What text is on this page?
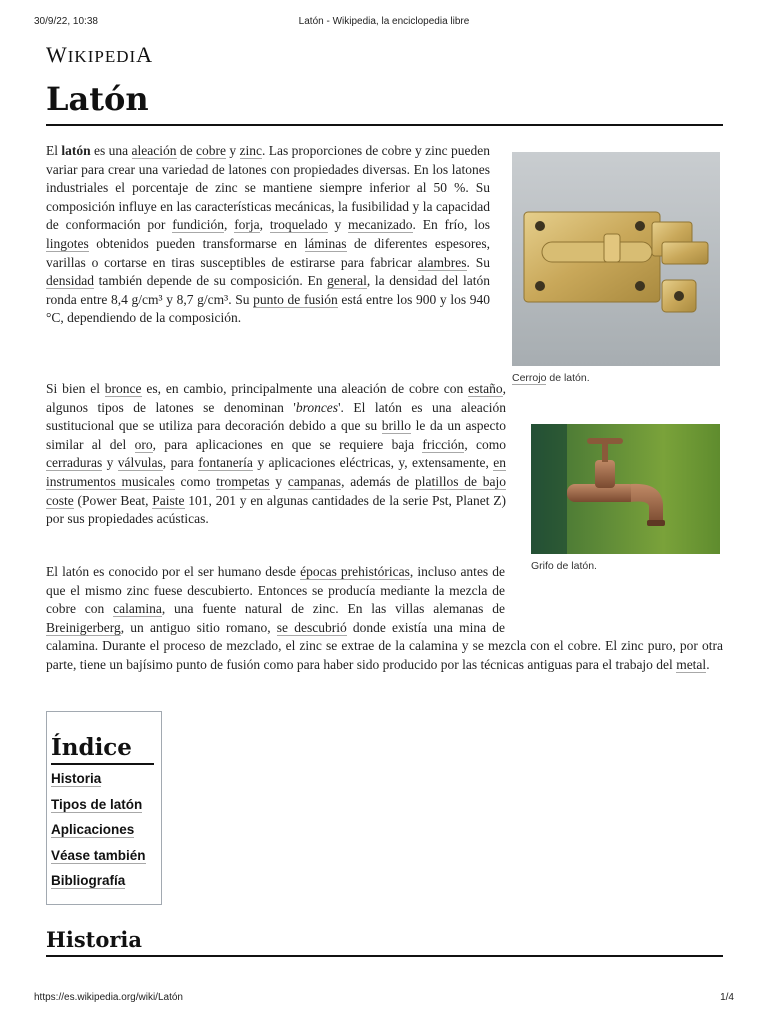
30/9/22, 10:38	Latón - Wikipedia, la enciclopedia libre
WIKIPEDIA
Latón

El latón es una aleación de cobre y zinc. Las proporciones de cobre y zinc pueden variar para crear una variedad de latones con propiedades diversas. En los latones industriales el porcentaje de zinc se mantiene siempre inferior al 50 %. Su composición influye en las características mecánicas, la fusibilidad y la capacidad de conformación por fundición, forja, troquelado y mecanizado. En frío, los lingotes obtenidos pueden transformarse en láminas de diferentes espesores, varillas o cortarse en tiras susceptibles de estirarse para fabricar alambres. Su densidad también depende de su composición. En general, la densidad del latón ronda entre 8,4 g/cm³ y 8,7 g/cm³. Su punto de fusión está entre los 900 y los 940 °C, dependiendo de la composición.

Cerrojo de latón.

Si bien el bronce es, en cambio, principalmente una aleación de cobre con estaño, algunos tipos de latones se denominan 'bronces'. El latón es una aleación sustitucional que se utiliza para decoración debido a que su brillo le da un aspecto similar al del oro, para aplicaciones en que se requiere baja fricción, como cerraduras y válvulas, para fontanería y aplicaciones eléctricas, y, extensamente, en instrumentos musicales como trompetas y campanas, además de platillos de bajo coste (Power Beat, Paiste 101, 201 y en algunas cantidades de la serie Pst, Planet Z) por sus propiedades acústicas.

Grifo de latón.
El latón es conocido por el ser humano desde épocas prehistóricas, incluso antes de que el mismo zinc fuese descubierto. Entonces se producía mediante la mezcla de cobre con calamina, una fuente natural de zinc. En las villas alemanas de Breinigerberg, un antiguo sitio romano, se descubrió donde existía una mina de calamina. Durante el proceso de mezclado, el zinc se extrae de la calamina y se mezcla con el cobre. El zinc puro, por otra parte, tiene un bajísimo punto de fusión como para haber sido producido por las técnicas antiguas para el trabajo del metal.
Índice
Historia
Tipos de latón
Aplicaciones
Véase también
Bibliografía
Historia
https://es.wikipedia.org/wiki/Latón	1/4
